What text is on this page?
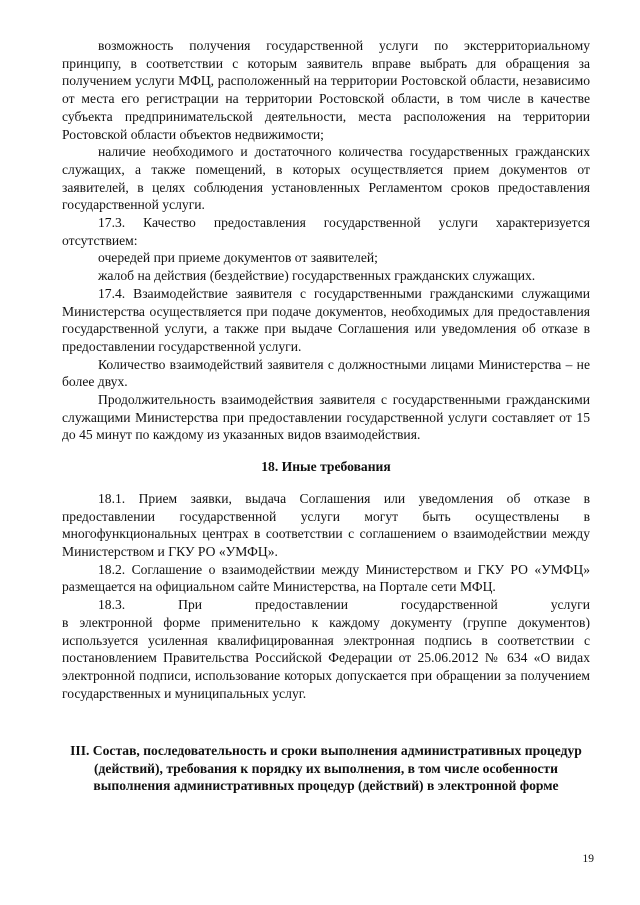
возможность получения государственной услуги по экстерриториальному принципу, в соответствии с которым заявитель вправе выбрать для обращения за получением услуги МФЦ, расположенный на территории Ростовской области, независимо от места его регистрации на территории Ростовской области, в том числе в качестве субъекта предпринимательской деятельности, места расположения на территории Ростовской области объектов недвижимости;

наличие необходимого и достаточного количества государственных гражданских служащих, а также помещений, в которых осуществляется прием документов от заявителей, в целях соблюдения установленных Регламентом сроков предоставления государственной услуги.

17.3. Качество предоставления государственной услуги характеризуется отсутствием:

очередей при приеме документов от заявителей;

жалоб на действия (бездействие) государственных гражданских служащих.

17.4. Взаимодействие заявителя с государственными гражданскими служащими Министерства осуществляется при подаче документов, необходимых для предоставления государственной услуги, а также при выдаче Соглашения или уведомления об отказе в предоставлении государственной услуги.

Количество взаимодействий заявителя с должностными лицами Министерства – не более двух.

Продолжительность взаимодействия заявителя с государственными гражданскими служащими Министерства при предоставлении государственной услуги составляет от 15 до 45 минут по каждому из указанных видов взаимодействия.

18. Иные требования

18.1. Прием заявки, выдача Соглашения или уведомления об отказе в предоставлении государственной услуги могут быть осуществлены в многофункциональных центрах в соответствии с соглашением о взаимодействии между Министерством и ГКУ РО «УМФЦ».

18.2. Соглашение о взаимодействии между Министерством и ГКУ РО «УМФЦ» размещается на официальном сайте Министерства, на Портале сети МФЦ.

18.3. При предоставлении государственной услуги

в электронной форме применительно к каждому документу (группе документов) используется усиленная квалифицированная электронная подпись в соответствии с постановлением Правительства Российской Федерации от 25.06.2012 № 634 «О видах электронной подписи, использование которых допускается при обращении за получением государственных и муниципальных услуг.

III. Состав, последовательность и сроки выполнения административных процедур (действий), требования к порядку их выполнения, в том числе особенности выполнения административных процедур (действий) в электронной форме
19
